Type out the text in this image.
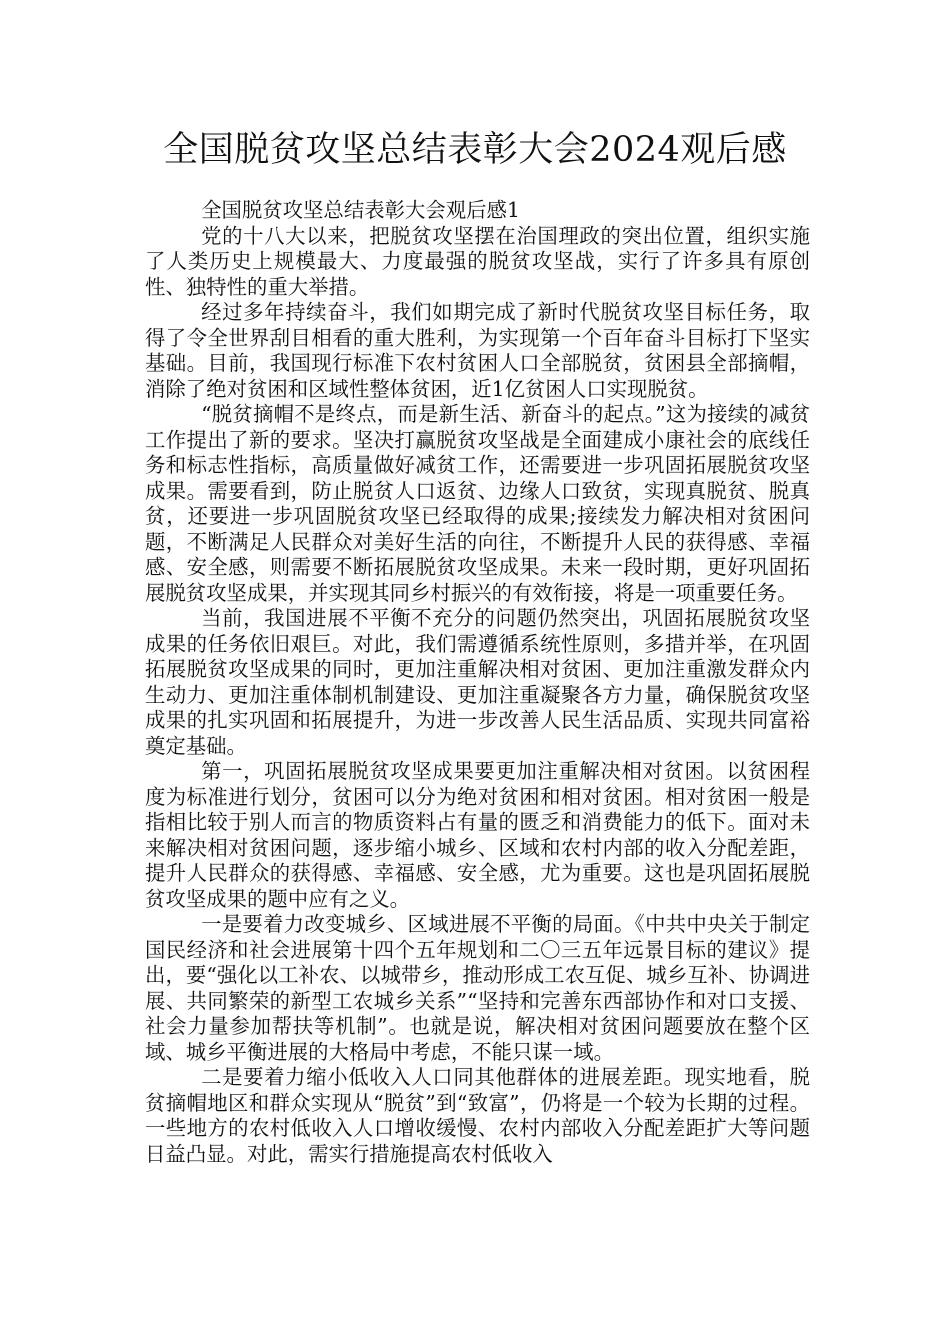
全国脱贫攻坚总结表彰大会2024观后感

全国脱贫攻坚总结表彰大会观后感1

党的十八大以来，把脱贫攻坚摆在治国理政的突出位置，组织实施了人类历史上规模最大、力度最强的脱贫攻坚战，实行了许多具有原创性、独特性的重大举措。

经过多年持续奋斗，我们如期完成了新时代脱贫攻坚目标任务，取得了令全世界刮目相看的重大胜利，为实现第一个百年奋斗目标打下坚实基础。目前，我国现行标准下农村贫困人口全部脱贫，贫困县全部摘帽，消除了绝对贫困和区域性整体贫困，近1亿贫困人口实现脱贫。

“脱贫摘帽不是终点，而是新生活、新奋斗的起点。”这为接续的减贫工作提出了新的要求。坚决打赢脱贫攻坚战是全面建成小康社会的底线任务和标志性指标，高质量做好减贫工作，还需要进一步巩固拓展脱贫攻坚成果。需要看到，防止脱贫人口返贫、边缘人口致贫，实现真脱贫、脱真贫，还要进一步巩固脱贫攻坚已经取得的成果;接续发力解决相对贫困问题，不断满足人民群众对美好生活的向往，不断提升人民的获得感、幸福感、安全感，则需要不断拓展脱贫攻坚成果。未来一段时期，更好巩固拓展脱贫攻坚成果，并实现其同乡村振兴的有效衔接，将是一项重要任务。

当前，我国进展不平衡不充分的问题仍然突出，巩固拓展脱贫攻坚成果的任务依旧艰巨。对此，我们需遵循系统性原则，多措并举，在巩固拓展脱贫攻坚成果的同时，更加注重解决相对贫困、更加注重激发群众内生动力、更加注重体制机制建设、更加注重凝聚各方力量，确保脱贫攻坚成果的扎实巩固和拓展提升，为进一步改善人民生活品质、实现共同富裕奠定基础。

第一，巩固拓展脱贫攻坚成果要更加注重解决相对贫困。以贫困程度为标准进行划分，贫困可以分为绝对贫困和相对贫困。相对贫困一般是指相比较于别人而言的物质资料占有量的匮乏和消费能力的低下。面对未来解决相对贫困问题，逐步缩小城乡、区域和农村内部的收入分配差距，提升人民群众的获得感、幸福感、安全感，尤为重要。这也是巩固拓展脱贫攻坚成果的题中应有之义。

一是要着力改变城乡、区域进展不平衡的局面。《中共中央关于制定国民经济和社会进展第十四个五年规划和二〇三五年远景目标的建议》提出，要“强化以工补农、以城带乡，推动形成工农互促、城乡互补、协调进展、共同繁荣的新型工农城乡关系”“坚持和完善东西部协作和对口支援、社会力量参加帮扶等机制”。也就是说，解决相对贫困问题要放在整个区域、城乡平衡进展的大格局中考虑，不能只谋一域。

二是要着力缩小低收入人口同其他群体的进展差距。现实地看，脱贫摘帽地区和群众实现从“脱贫”到“致富”，仍将是一个较为长期的过程。一些地方的农村低收入人口增收缓慢、农村内部收入分配差距扩大等问题日益凸显。对此，需实行措施提高农村低收入
